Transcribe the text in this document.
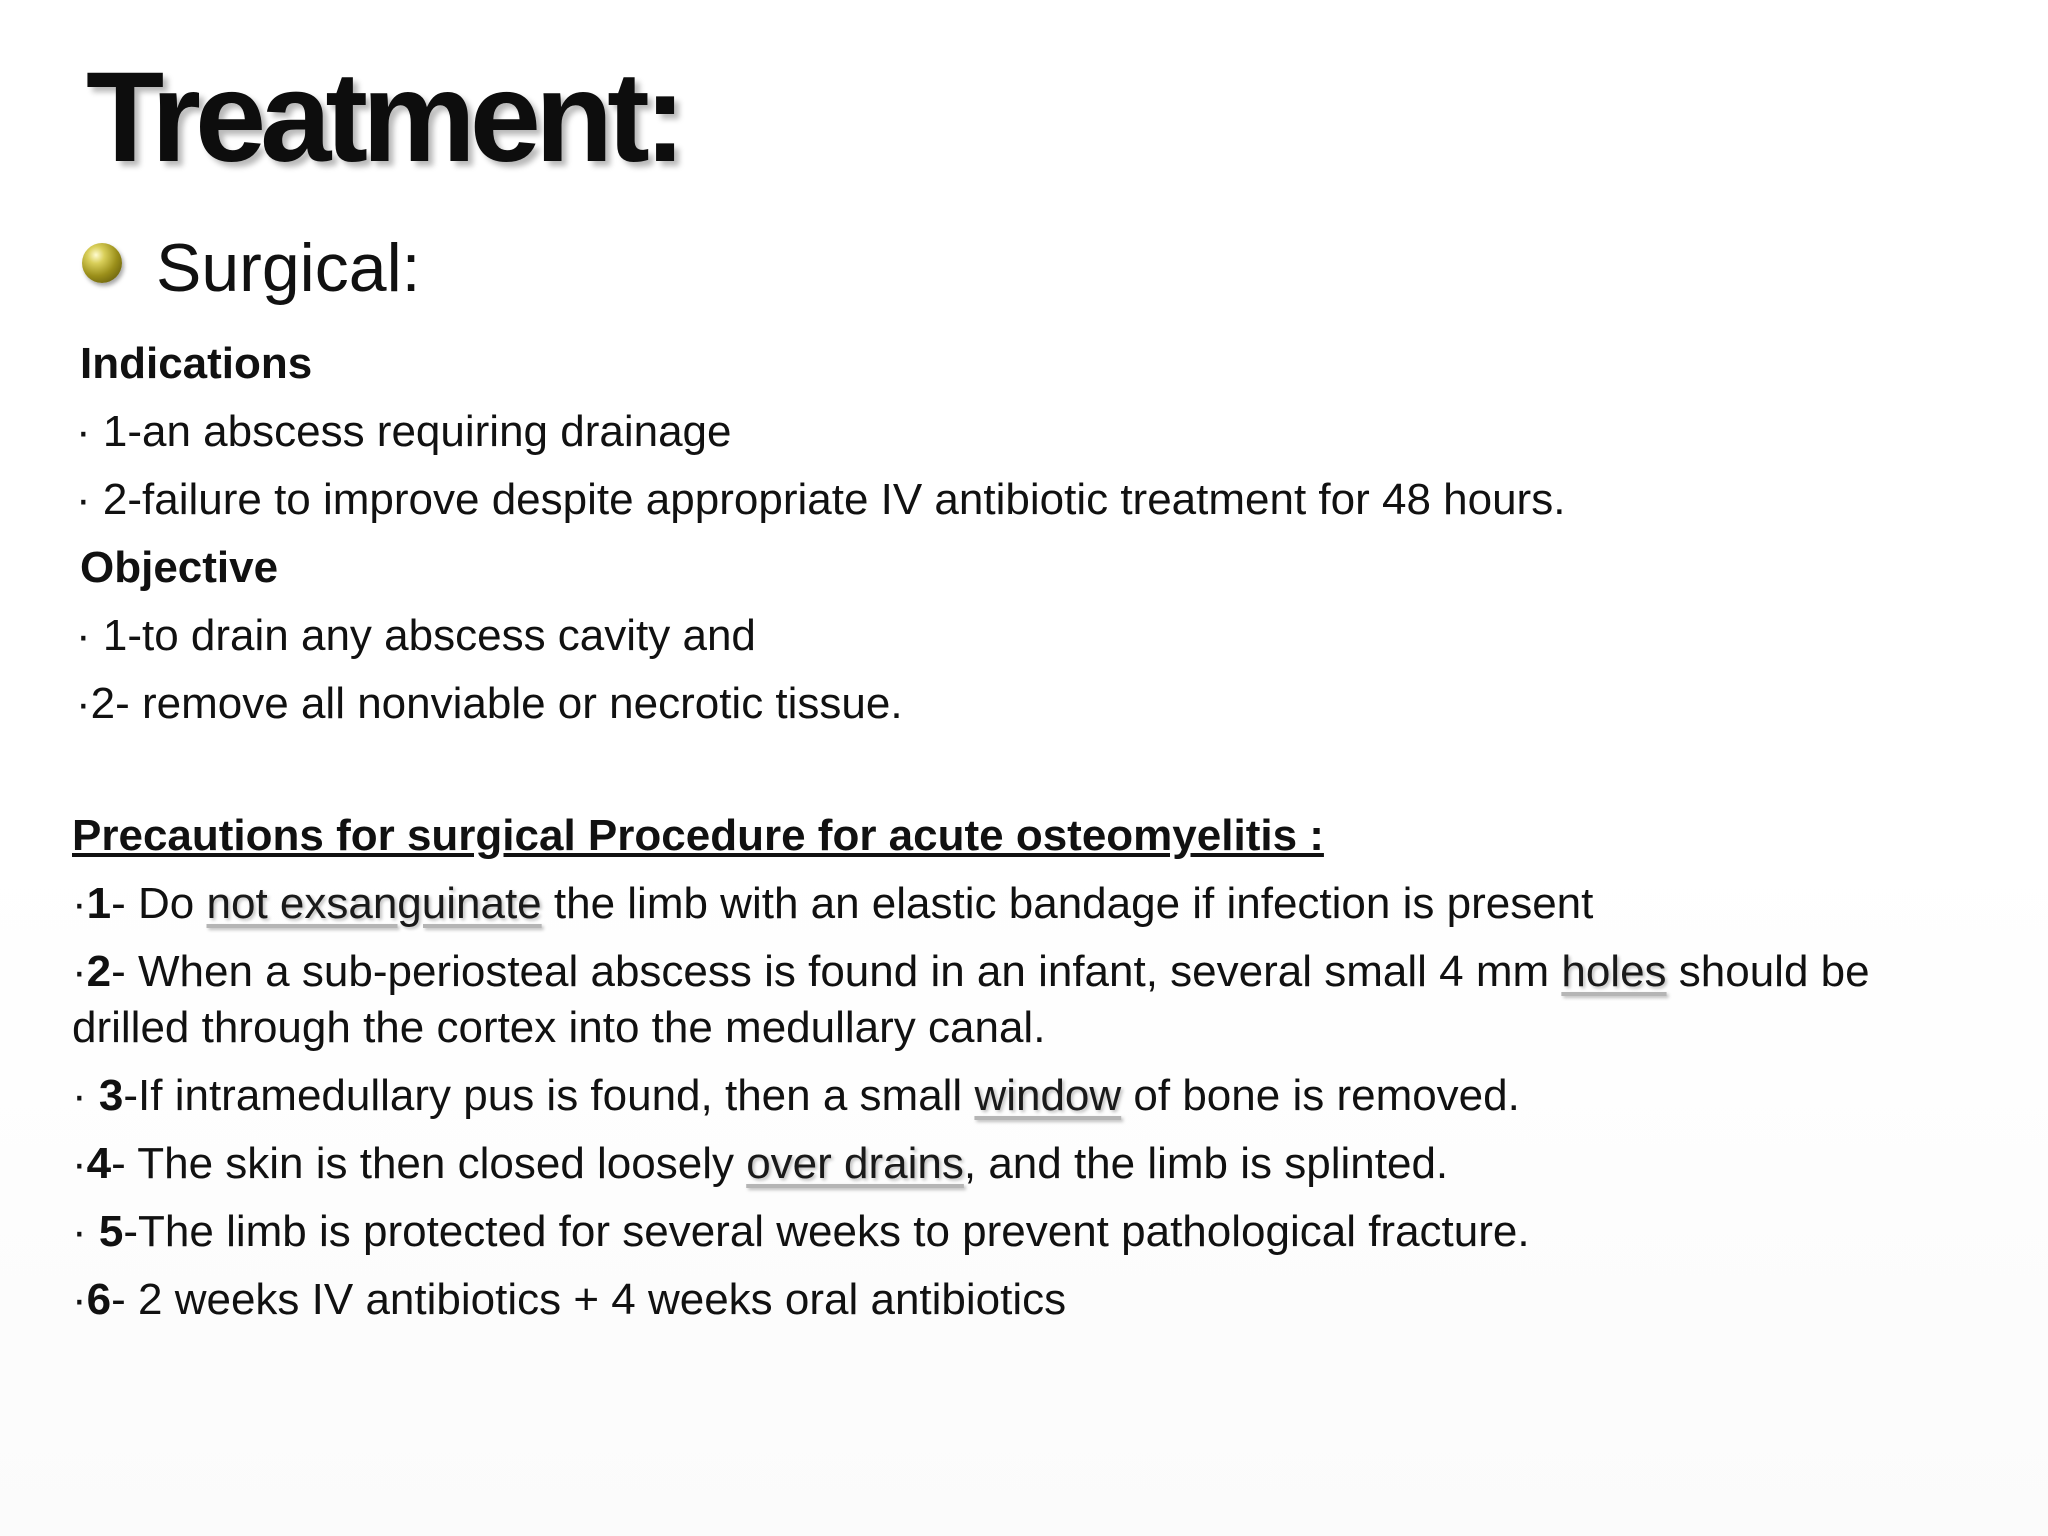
Treatment:
Surgical:

Indications

· 1-an abscess requiring drainage

· 2-failure to improve despite appropriate IV antibiotic treatment for 48 hours.

Objective

· 1-to drain any abscess cavity and

·2- remove all nonviable or necrotic tissue.

Precautions for surgical Procedure for acute osteomyelitis :

·1- Do not exsanguinate the limb with an elastic bandage if infection is present

·2- When a sub-periosteal abscess is found in an infant, several small 4 mm holes should be drilled through the cortex into the medullary canal.

· 3-If intramedullary pus is found, then a small window of bone is removed.

·4- The skin is then closed loosely over drains, and the limb is splinted.

· 5-The limb is protected for several weeks to prevent pathological fracture.

·6- 2 weeks IV antibiotics + 4 weeks oral antibiotics
